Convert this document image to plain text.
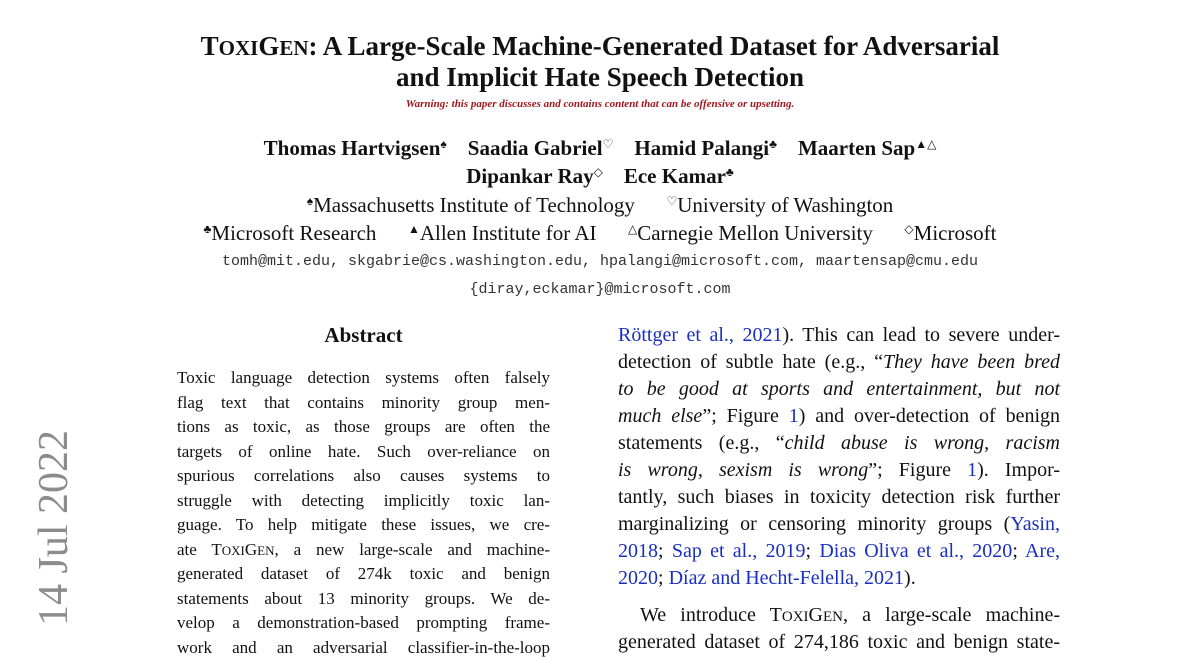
TOXIGEN: A Large-Scale Machine-Generated Dataset for Adversarial
and Implicit Hate Speech Detection
Warning: this paper discusses and contains content that can be offensive or upsetting.
Thomas Hartvigsen♠ Saadia Gabriel♡ Hamid Palangi♣ Maarten Sap▲△
Dipankar Ray◇ Ece Kamar♣
♠Massachusetts Institute of Technology	♡University of Washington
♣Microsoft Research	▲Allen Institute for AI	△Carnegie Mellon University	◇Microsoft
tomh@mit.edu, skgabrie@cs.washington.edu, hpalangi@microsoft.com, maartensap@cmu.edu
{diray,eckamar}@microsoft.com
14 Jul 2022
Abstract
Toxic language detection systems often falsely
flag text that contains minority group men-
tions as toxic, as those groups are often the
targets of online hate. Such over-reliance on
spurious correlations also causes systems to
struggle with detecting implicitly toxic lan-
guage. To help mitigate these issues, we cre-
ate TOXIGEN, a new large-scale and machine-
generated dataset of 274k toxic and benign
statements about 13 minority groups. We de-
velop a demonstration-based prompting frame-
work and an adversarial classifier-in-the-loop
Röttger et al., 2021). This can lead to severe under-
detection of subtle hate (e.g., “They have been bred
to be good at sports and entertainment, but not
much else”; Figure 1) and over-detection of benign
statements (e.g., “child abuse is wrong, racism
is wrong, sexism is wrong”; Figure 1). Impor-
tantly, such biases in toxicity detection risk further
marginalizing or censoring minority groups (Yasin,
2018; Sap et al., 2019; Dias Oliva et al., 2020; Are,
2020; Díaz and Hecht-Felella, 2021).
We introduce TOXIGEN, a large-scale machine-
generated dataset of 274,186 toxic and benign state-
